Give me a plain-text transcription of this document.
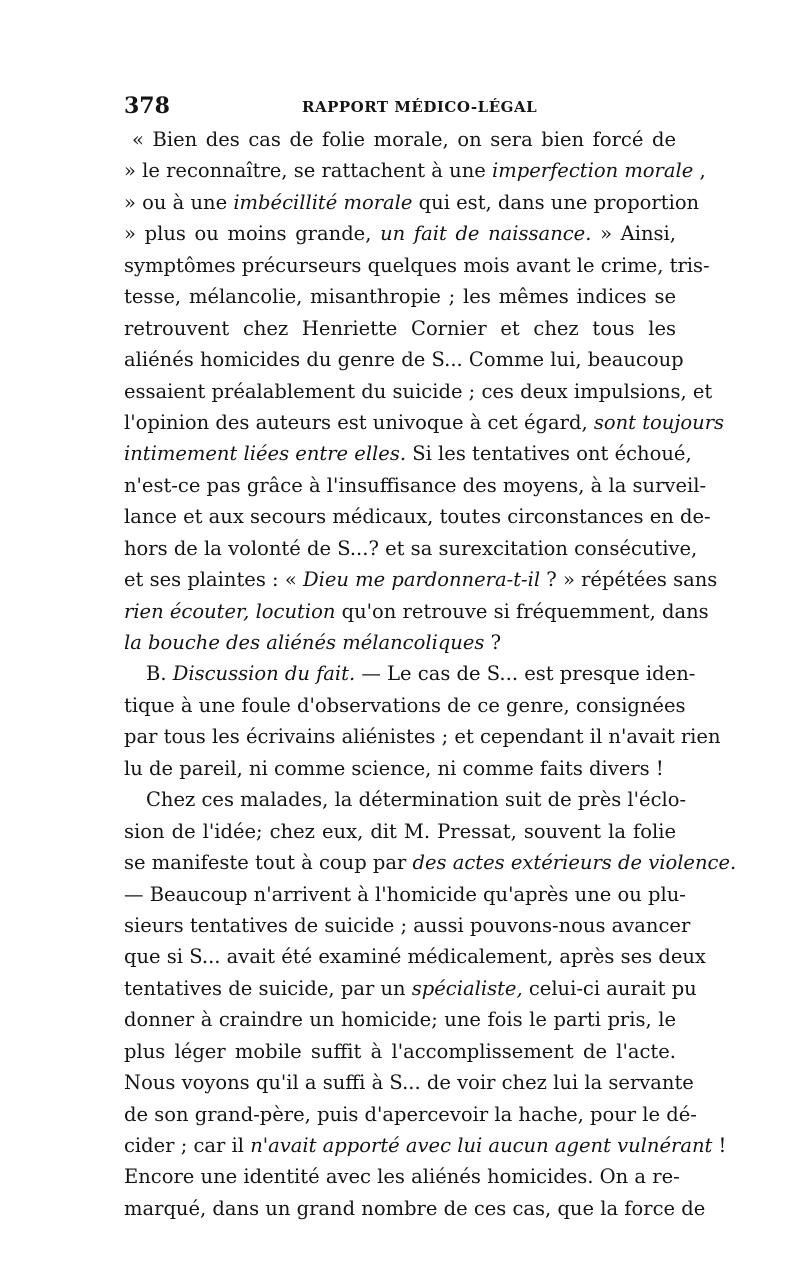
378	RAPPORT MÉDICO-LÉGAL
« Bien des cas de folie morale, on sera bien forcé de
» le reconnaître, se rattachent à une imperfection morale ,
» ou à une imbécillité morale qui est, dans une proportion
» plus ou moins grande, un fait de naissance. » Ainsi,
symptômes précurseurs quelques mois avant le crime, tris-
tesse, mélancolie, misanthropie ; les mêmes indices se
retrouvent chez Henriette Cornier et chez tous les
aliénés homicides du genre de S... Comme lui, beaucoup
essaient préalablement du suicide ; ces deux impulsions, et
l'opinion des auteurs est univoque à cet égard, sont toujours
intimement liées entre elles. Si les tentatives ont échoué,
n'est-ce pas grâce à l'insuffisance des moyens, à la surveil-
lance et aux secours médicaux, toutes circonstances en de-
hors de la volonté de S...? et sa surexcitation consécutive,
et ses plaintes : « Dieu me pardonnera-t-il ? » répétées sans
rien écouter, locution qu'on retrouve si fréquemment, dans
la bouche des aliénés mélancoliques ?
B. Discussion du fait. — Le cas de S... est presque iden-
tique à une foule d'observations de ce genre, consignées
par tous les écrivains aliénistes ; et cependant il n'avait rien
lu de pareil, ni comme science, ni comme faits divers !
Chez ces malades, la détermination suit de près l'éclo-
sion de l'idée; chez eux, dit M. Pressat, souvent la folie
se manifeste tout à coup par des actes extérieurs de violence.
— Beaucoup n'arrivent à l'homicide qu'après une ou plu-
sieurs tentatives de suicide ; aussi pouvons-nous avancer
que si S... avait été examiné médicalement, après ses deux
tentatives de suicide, par un spécialiste, celui-ci aurait pu
donner à craindre un homicide; une fois le parti pris, le
plus léger mobile suffit à l'accomplissement de l'acte.
Nous voyons qu'il a suffi à S... de voir chez lui la servante
de son grand-père, puis d'apercevoir la hache, pour le dé-
cider ; car il n'avait apporté avec lui aucun agent vulnérant !
Encore une identité avec les aliénés homicides. On a re-
marqué, dans un grand nombre de ces cas, que la force de
